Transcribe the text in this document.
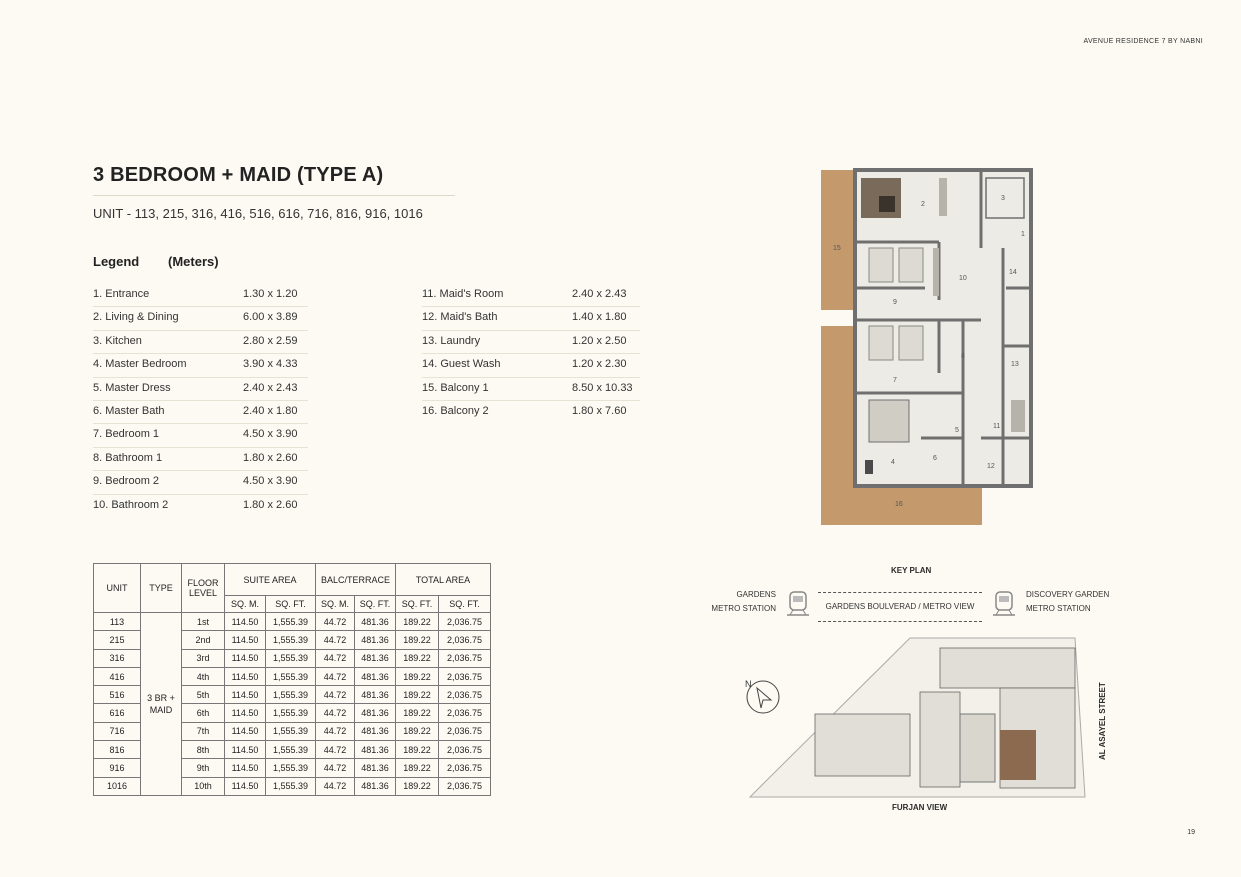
AVENUE RESIDENCE 7 BY NABNI
3 BEDROOM + MAID (TYPE A)
UNIT - 113, 215, 316, 416, 516, 616, 716, 816, 916, 1016
Legend (Meters)
1. Entrance	1.30 x 1.20
2. Living & Dining	6.00 x 3.89
3. Kitchen	2.80 x 2.59
4. Master Bedroom	3.90 x 4.33
5. Master Dress	2.40 x 2.43
6. Master Bath	2.40 x 1.80
7. Bedroom 1	4.50 x 3.90
8. Bathroom 1	1.80 x 2.60
9. Bedroom 2	4.50 x 3.90
10. Bathroom 2	1.80 x 2.60
11. Maid's Room	2.40 x 2.43
12. Maid's Bath	1.40 x 1.80
13. Laundry	1.20 x 2.50
14. Guest Wash	1.20 x 2.30
15. Balcony 1	8.50 x 10.33
16. Balcony 2	1.80 x 7.60
UNIT	TYPE	FLOOR LEVEL	SUITE AREA		BALC/TERRACE		TOTAL AREA	
			SQ. M.	SQ. FT.	SQ. M.	SQ. FT.	SQ. FT.	SQ. FT.
113	3 BR + MAID	1st	114.50	1,555.39	44.72	481.36	189.22	2,036.75
215		2nd	114.50	1,555.39	44.72	481.36	189.22	2,036.75
316		3rd	114.50	1,555.39	44.72	481.36	189.22	2,036.75
416		4th	114.50	1,555.39	44.72	481.36	189.22	2,036.75
516		5th	114.50	1,555.39	44.72	481.36	189.22	2,036.75
616		6th	114.50	1,555.39	44.72	481.36	189.22	2,036.75
716		7th	114.50	1,555.39	44.72	481.36	189.22	2,036.75
816		8th	114.50	1,555.39	44.72	481.36	189.22	2,036.75
916		9th	114.50	1,555.39	44.72	481.36	189.22	2,036.75
1016		10th	114.50	1,555.39	44.72	481.36	189.22	2,036.75
1
2
3
4
5
6
7
8
9
10
11
12
13
14
15
16
KEY PLAN
GARDENS
METRO STATION
DISCOVERY GARDEN
METRO STATION
GARDENS BOULVERAD / METRO VIEW
N
FURJAN VIEW
AL ASAYEL STREET
19
